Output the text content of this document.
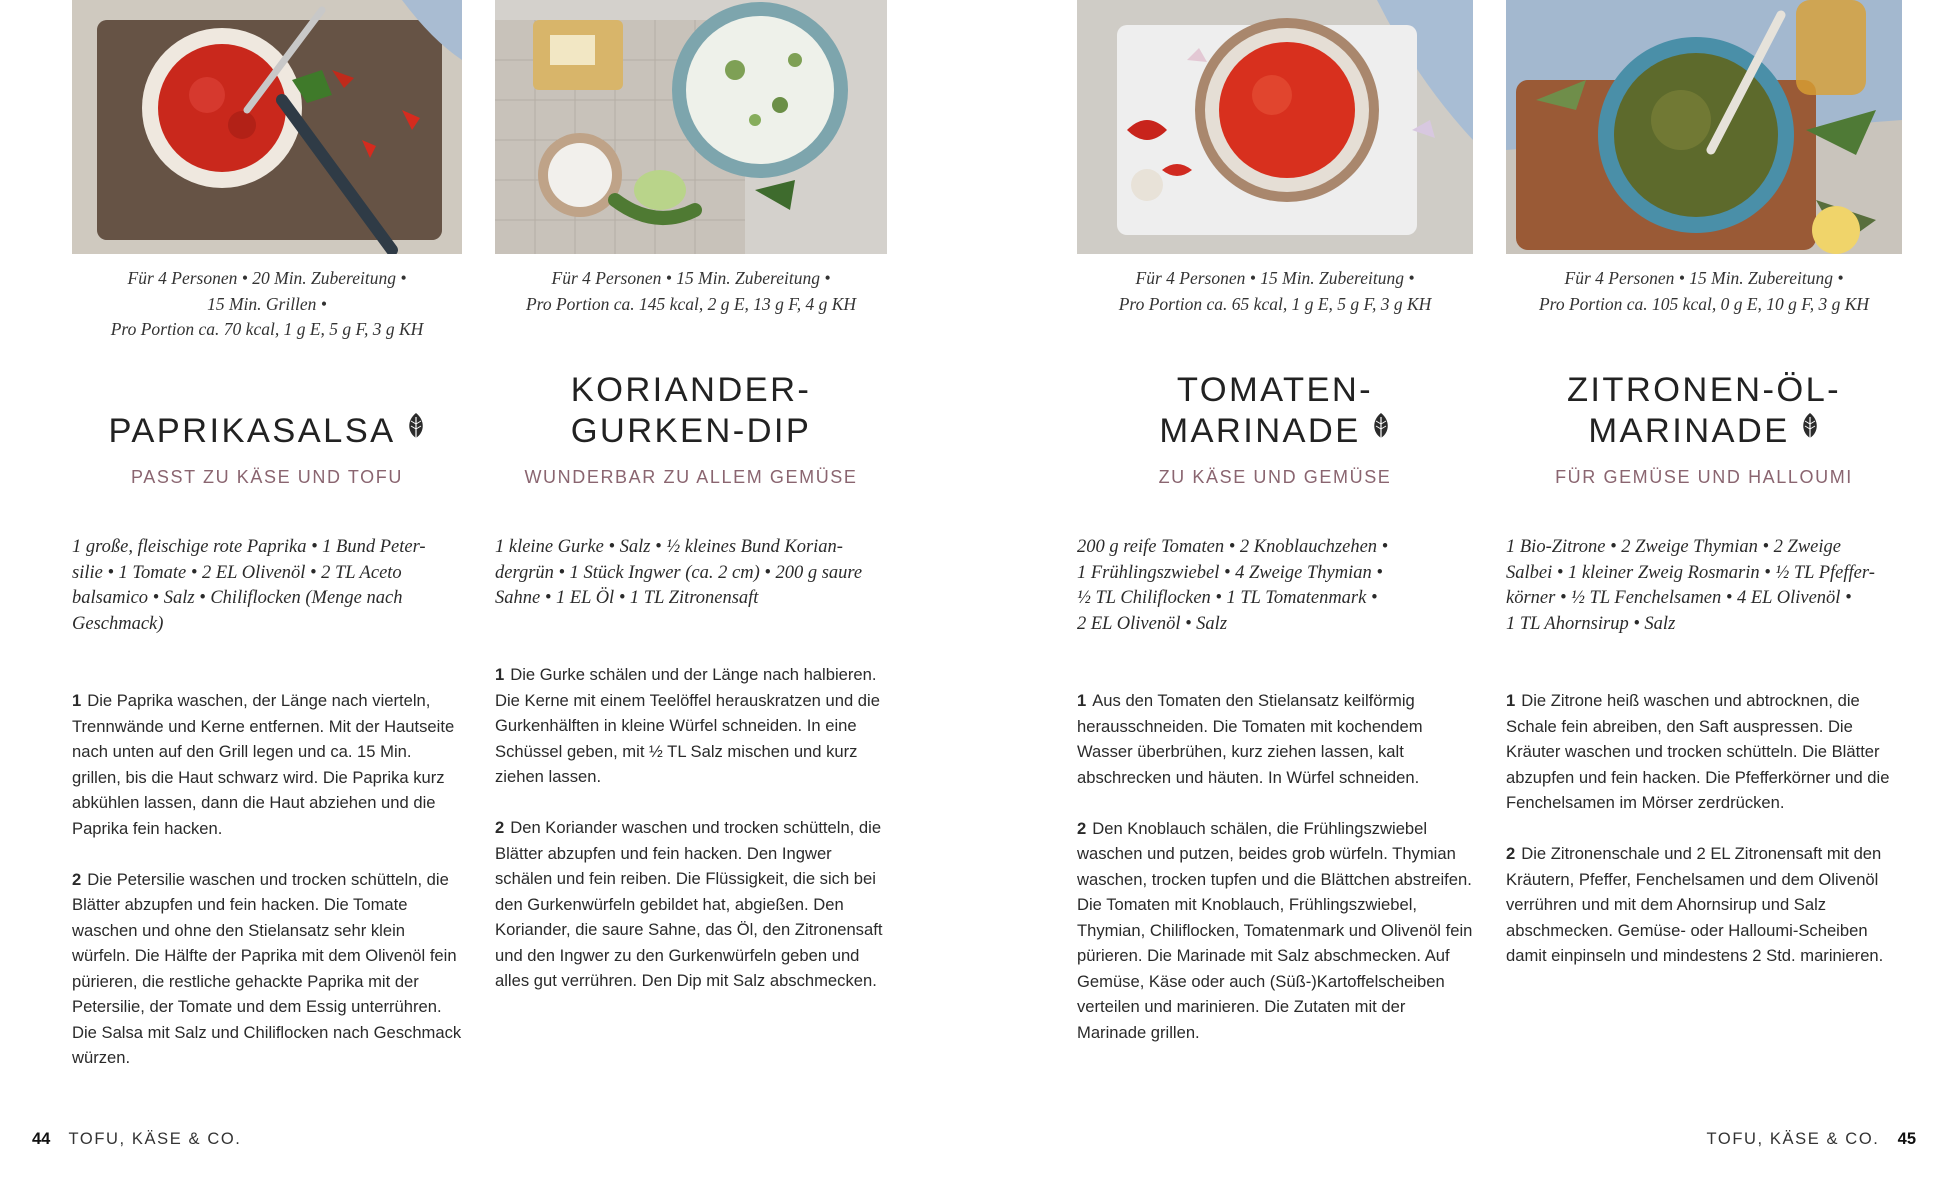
Für 4 Personen • 20 Min. Zubereitung •
15 Min. Grillen •
Pro Portion ca. 70 kcal, 1 g E, 5 g F, 3 g KH
PAPRIKASALSA
PASST ZU KÄSE UND TOFU
1 große, fleischige rote Paprika • 1 Bund Peter-
silie • 1 Tomate • 2 EL Olivenöl • 2 TL Aceto
balsamico • Salz • Chiliflocken (Menge nach
Geschmack)

1 Die Paprika waschen, der Länge nach vierteln, Trennwände und Kerne entfernen. Mit der Hautseite nach unten auf den Grill legen und ca. 15 Min. grillen, bis die Haut schwarz wird. Die Paprika kurz abkühlen lassen, dann die Haut abziehen und die Paprika fein hacken.

2 Die Petersilie waschen und trocken schütteln, die Blätter abzupfen und fein hacken. Die Tomate waschen und ohne den Stielansatz sehr klein würfeln. Die Hälfte der Paprika mit dem Olivenöl fein pürieren, die restliche gehackte Paprika mit der Petersilie, der Tomate und dem Essig unterrühren. Die Salsa mit Salz und Chiliflocken nach Geschmack würzen.

Für 4 Personen • 15 Min. Zubereitung •
Pro Portion ca. 145 kcal, 2 g E, 13 g F, 4 g KH
KORIANDER-
GURKEN-DIP
WUNDERBAR ZU ALLEM GEMÜSE
1 kleine Gurke • Salz • ½ kleines Bund Korian-
dergrün • 1 Stück Ingwer (ca. 2 cm) • 200 g saure
Sahne • 1 EL Öl • 1 TL Zitronensaft

1 Die Gurke schälen und der Länge nach halbieren. Die Kerne mit einem Teelöffel herauskratzen und die Gurkenhälften in kleine Würfel schneiden. In eine Schüssel geben, mit ½ TL Salz mischen und kurz ziehen lassen.

2 Den Koriander waschen und trocken schütteln, die Blätter abzupfen und fein hacken. Den Ingwer schälen und fein reiben. Die Flüssigkeit, die sich bei den Gurkenwürfeln gebildet hat, abgießen. Den Koriander, die saure Sahne, das Öl, den Zitronensaft und den Ingwer zu den Gurkenwürfeln geben und alles gut verrühren. Den Dip mit Salz abschmecken.

Für 4 Personen • 15 Min. Zubereitung •
Pro Portion ca. 65 kcal, 1 g E, 5 g F, 3 g KH
TOMATEN-
MARINADE
ZU KÄSE UND GEMÜSE
200 g reife Tomaten • 2 Knoblauchzehen •
1 Frühlingszwiebel • 4 Zweige Thymian •
½ TL Chiliflocken • 1 TL Tomatenmark •
2 EL Olivenöl • Salz

1 Aus den Tomaten den Stielansatz keilförmig herausschneiden. Die Tomaten mit kochendem Wasser überbrühen, kurz ziehen lassen, kalt abschrecken und häuten. In Würfel schneiden.

2 Den Knoblauch schälen, die Frühlingszwiebel waschen und putzen, beides grob würfeln. Thymian waschen, trocken tupfen und die Blättchen abstreifen. Die Tomaten mit Knoblauch, Frühlingszwiebel, Thymian, Chiliflocken, Tomatenmark und Olivenöl fein pürieren. Die Marinade mit Salz abschmecken. Auf Gemüse, Käse oder auch (Süß-)Kartoffelscheiben verteilen und marinieren. Die Zutaten mit der Marinade grillen.

Für 4 Personen • 15 Min. Zubereitung •
Pro Portion ca. 105 kcal, 0 g E, 10 g F, 3 g KH
ZITRONEN-ÖL-
MARINADE
FÜR GEMÜSE UND HALLOUMI
1 Bio-Zitrone • 2 Zweige Thymian • 2 Zweige
Salbei • 1 kleiner Zweig Rosmarin • ½ TL Pfeffer-
körner • ½ TL Fenchelsamen • 4 EL Olivenöl •
1 TL Ahornsirup • Salz

1 Die Zitrone heiß waschen und abtrocknen, die Schale fein abreiben, den Saft auspressen. Die Kräuter waschen und trocken schütteln. Die Blätter abzupfen und fein hacken. Die Pfefferkörner und die Fenchelsamen im Mörser zerdrücken.

2 Die Zitronenschale und 2 EL Zitronensaft mit den Kräutern, Pfeffer, Fenchelsamen und dem Olivenöl verrühren und mit dem Ahornsirup und Salz abschmecken. Gemüse- oder Halloumi-Scheiben damit einpinseln und mindestens 2 Std. marinieren.

44 TOFU, KÄSE & CO.	TOFU, KÄSE & CO. 45
